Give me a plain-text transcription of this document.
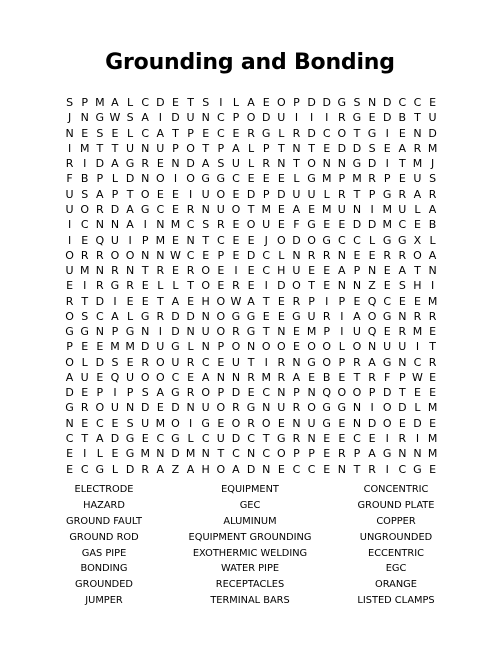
Grounding and Bonding
S P M A L C D E T S I L A E O P D D G S N D C C E
J N G W S A I D U N C P O D U I	I	I R G E D B T U
N E S E L C A T P E C E R G L R D C O T G I E N D
I M T T U N U P O T P A L P T N T E D D S E A R M
R I D A G R E N D A S U L R N T O N N G D I T M J
F B P L D N O I O G G C E E E L G M P M R P E U S
U S A P T O E E I U O E D P D U U L R T P G R A R
U O R D A G C E R N U O T M E A E M U N I M U L A
I C N N A I N M C S R E O U E F G E E D D M C E B
I E Q U I P M E N T C E E J O D O G C C L G G X L
O R R O O N N W C E P E D C L N R R N E E R R O A
U M N R N T R E R O E I E C H U E E A P N E A T N
E I R G R E L L T O E R E I D O T E N N Z E S H I
R T D I E E T A E H O W A T E R P I P E Q C E E M
O S C A L G R D D N O G G E E G U R I A O G N R R
G G N P G N I D N U O R G T N E M P I U Q E R M E
P E E M M D U G L N P O N O O E O O L O N U U I T
O L D S E R O U R C E U T I R N G O P R A G N C R
A U E Q U O O C E A N N R M R A E B E T R F P W E
D E P I P S A G R O P D E C N P N Q O O P D T E E
G R O U N D E D N U O R G N U R O G G N I O D L M
N E C E S U M O I G E O R O E N U G E N D O E D E
C T A D G E C G L C U D C T G R N E E C E I R I M
E I L E G M N D M N T C N C O P P E R P A G N N M
E C G L D R A Z A H O A D N E C C E N T R I C G E
ELECTRODE
HAZARD
GROUND FAULT
GROUND ROD
GAS PIPE
BONDING
GROUNDED
JUMPER
EQUIPMENT
GEC
ALUMINUM
EQUIPMENT GROUNDING
EXOTHERMIC WELDING
WATER PIPE
RECEPTACLES
TERMINAL BARS
CONCENTRIC
GROUND PLATE
COPPER
UNGROUNDED
ECCENTRIC
EGC
ORANGE
LISTED CLAMPS
